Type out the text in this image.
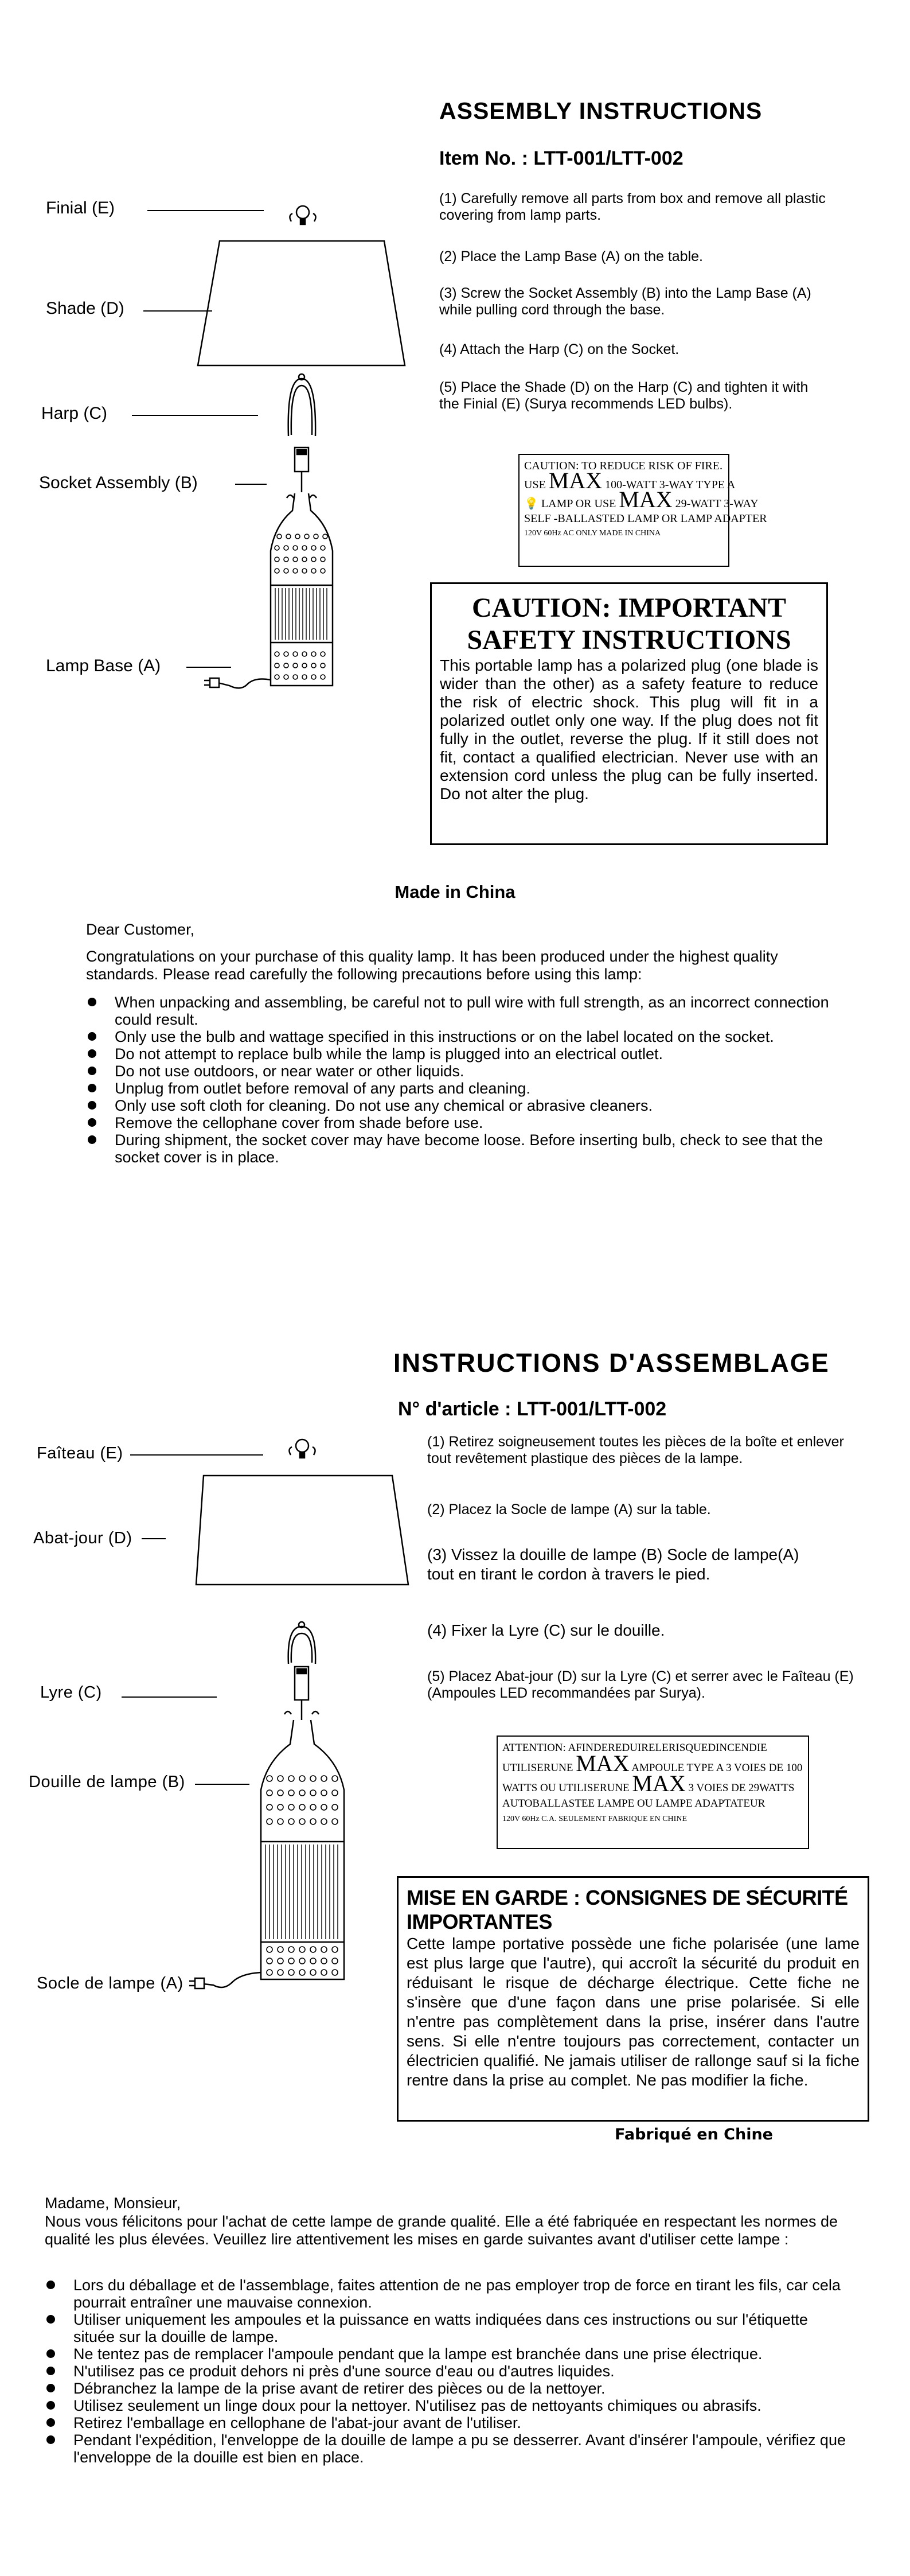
ASSEMBLY INSTRUCTIONS
Item No. : LTT-001/LTT-002
Finial (E)
Shade (D)
Harp (C)
Socket Assembly (B)
Lamp Base (A)
(1) Carefully remove all parts from box and remove all plastic covering from lamp parts.
(2) Place the Lamp Base (A) on the table.
(3) Screw the Socket Assembly (B) into the Lamp Base (A) while pulling cord through the base.
(4) Attach the Harp (C) on the Socket.
(5) Place the Shade (D) on the Harp (C) and tighten it with the Finial (E) (Surya recommends LED bulbs).
CAUTION: TO REDUCE RISK OF FIRE.
USE MAX 100-WATT 3-WAY TYPE A
💡 LAMP OR USE MAX 29-WATT 3-WAY
SELF -BALLASTED LAMP OR LAMP ADAPTER
120V 60Hz AC ONLY MADE IN CHINA
CAUTION: IMPORTANT SAFETY INSTRUCTIONS
This portable lamp has a polarized plug (one blade is wider than the other) as a safety feature to reduce the risk of electric shock. This plug will fit in a polarized outlet only one way. If the plug does not fit fully in the outlet, reverse the plug. If it still does not fit, contact a qualified electrician. Never use with an extension cord unless the plug can be fully inserted. Do not alter the plug.
Made in China
Dear Customer,
Congratulations on your purchase of this quality lamp. It has been produced under the highest quality standards. Please read carefully the following precautions before using this lamp:
When unpacking and assembling, be careful not to pull wire with full strength, as an incorrect connection could result.
Only use the bulb and wattage specified in this instructions or on the label located on the socket.
Do not attempt to replace bulb while the lamp is plugged into an electrical outlet.
Do not use outdoors, or near water or other liquids.
Unplug from outlet before removal of any parts and cleaning.
Only use soft cloth for cleaning. Do not use any chemical or abrasive cleaners.
Remove the cellophane cover from shade before use.
During shipment, the socket cover may have become loose. Before inserting bulb, check to see that the socket cover is in place.
INSTRUCTIONS D'ASSEMBLAGE
N° d'article : LTT-001/LTT-002
Faîteau (E)
Abat-jour (D)
Lyre (C)
Douille de lampe (B)
Socle de lampe (A)
(1) Retirez soigneusement toutes les pièces de la boîte et enlever tout revêtement plastique des pièces de la lampe.
(2) Placez la Socle de lampe (A) sur la table.
(3) Vissez la douille de lampe (B) Socle de lampe(A) tout en tirant le cordon à travers le pied.
(4) Fixer la Lyre (C) sur le douille.
(5) Placez Abat-jour (D) sur la Lyre (C) et serrer avec le Faîteau (E) (Ampoules LED recommandées par Surya).
ATTENTION: AFINDEREDUIRELERISQUEDINCENDIE
UTILISERUNE MAX AMPOULE TYPE A 3 VOIES DE 100
WATTS OU UTILISERUNE MAX 3 VOIES DE 29WATTS
AUTOBALLASTEE LAMPE OU LAMPE ADAPTATEUR
120V 60Hz C.A. SEULEMENT FABRIQUE EN CHINE
MISE EN GARDE : CONSIGNES DE SÉCURITÉ IMPORTANTES
Cette lampe portative possède une fiche polarisée (une lame est plus large que l'autre), qui accroît la sécurité du produit en réduisant le risque de décharge électrique. Cette fiche ne s'insère que d'une façon dans une prise polarisée. Si elle n'entre pas complètement dans la prise, insérer dans l'autre sens. Si elle n'entre toujours pas correctement, contacter un électricien qualifié. Ne jamais utiliser de rallonge sauf si la fiche rentre dans la prise au complet. Ne pas modifier la fiche.
Fabriqué en Chine
Madame, Monsieur,
Nous vous félicitons pour l'achat de cette lampe de grande qualité. Elle a été fabriquée en respectant les normes de qualité les plus élevées. Veuillez lire attentivement les mises en garde suivantes avant d'utiliser cette lampe :
Lors du déballage et de l'assemblage, faites attention de ne pas employer trop de force en tirant les fils, car cela pourrait entraîner une mauvaise connexion.
Utiliser uniquement les ampoules et la puissance en watts indiquées dans ces instructions ou sur l'étiquette située sur la douille de lampe.
Ne tentez pas de remplacer l'ampoule pendant que la lampe est branchée dans une prise électrique.
N'utilisez pas ce produit dehors ni près d'une source d'eau ou d'autres liquides.
Débranchez la lampe de la prise avant de retirer des pièces ou de la nettoyer.
Utilisez seulement un linge doux pour la nettoyer. N'utilisez pas de nettoyants chimiques ou abrasifs.
Retirez l'emballage en cellophane de l'abat-jour avant de l'utiliser.
Pendant l'expédition, l'enveloppe de la douille de lampe a pu se desserrer. Avant d'insérer l'ampoule, vérifiez que l'enveloppe de la douille est bien en place.
